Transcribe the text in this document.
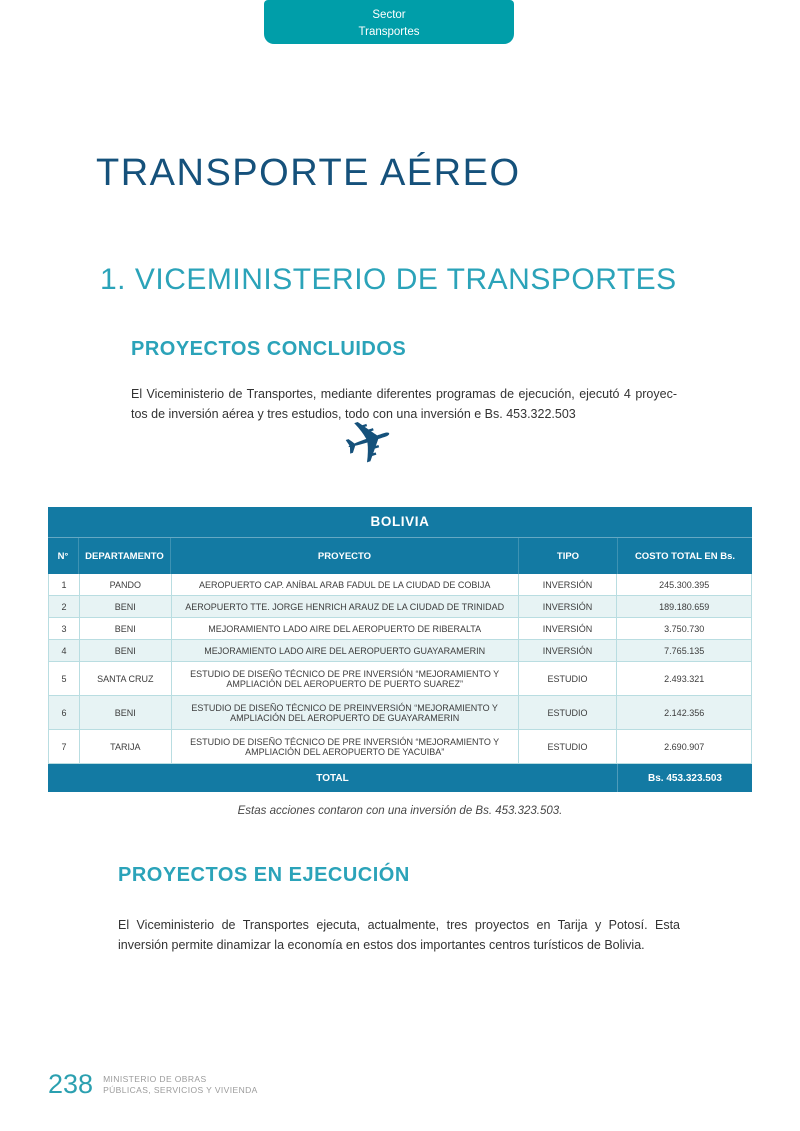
Sector
Transportes
TRANSPORTE AÉREO
1. VICEMINISTERIO DE TRANSPORTES
PROYECTOS CONCLUIDOS

El Viceministerio de Transportes, mediante diferentes programas de ejecución, ejecutó 4 proyec-
tos de inversión aérea y tres estudios, todo con una inversión e Bs. 453.322.503

✈
BOLIVIA
N°	DEPARTAMENTO	PROYECTO	TIPO	COSTO TOTAL EN Bs.
1	PANDO	AEROPUERTO CAP. ANÍBAL ARAB FADUL DE LA CIUDAD DE COBIJA	INVERSIÓN	245.300.395
2	BENI	AEROPUERTO TTE. JORGE HENRICH ARAUZ DE LA CIUDAD DE TRINIDAD	INVERSIÓN	189.180.659
3	BENI	MEJORAMIENTO LADO AIRE DEL AEROPUERTO DE RIBERALTA	INVERSIÓN	3.750.730
4	BENI	MEJORAMIENTO LADO AIRE DEL AEROPUERTO GUAYARAMERIN	INVERSIÓN	7.765.135
5	SANTA CRUZ	ESTUDIO DE DISEÑO TÉCNICO DE PRE INVERSIÓN “MEJORAMIENTO Y AMPLIACIÓN DEL AEROPUERTO DE PUERTO SUAREZ”	ESTUDIO	2.493.321
6	BENI	ESTUDIO DE DISEÑO TÉCNICO DE PREINVERSIÓN “MEJORAMIENTO Y AMPLIACIÓN DEL AEROPUERTO DE GUAYARAMERIN	ESTUDIO	2.142.356
7	TARIJA	ESTUDIO DE DISEÑO TÉCNICO DE PRE INVERSIÓN “MEJORAMIENTO Y AMPLIACIÓN DEL AEROPUERTO DE YACUIBA”	ESTUDIO	2.690.907
TOTAL	Bs. 453.323.503
Estas acciones contaron con una inversión de Bs. 453.323.503.
PROYECTOS EN EJECUCIÓN

El Viceministerio de Transportes ejecuta, actualmente, tres proyectos en Tarija y Potosí. Esta
inversión permite dinamizar la economía en estos dos importantes centros turísticos de Bolivia.

238 MINISTERIO DE OBRAS
PÚBLICAS, SERVICIOS Y VIVIENDA
